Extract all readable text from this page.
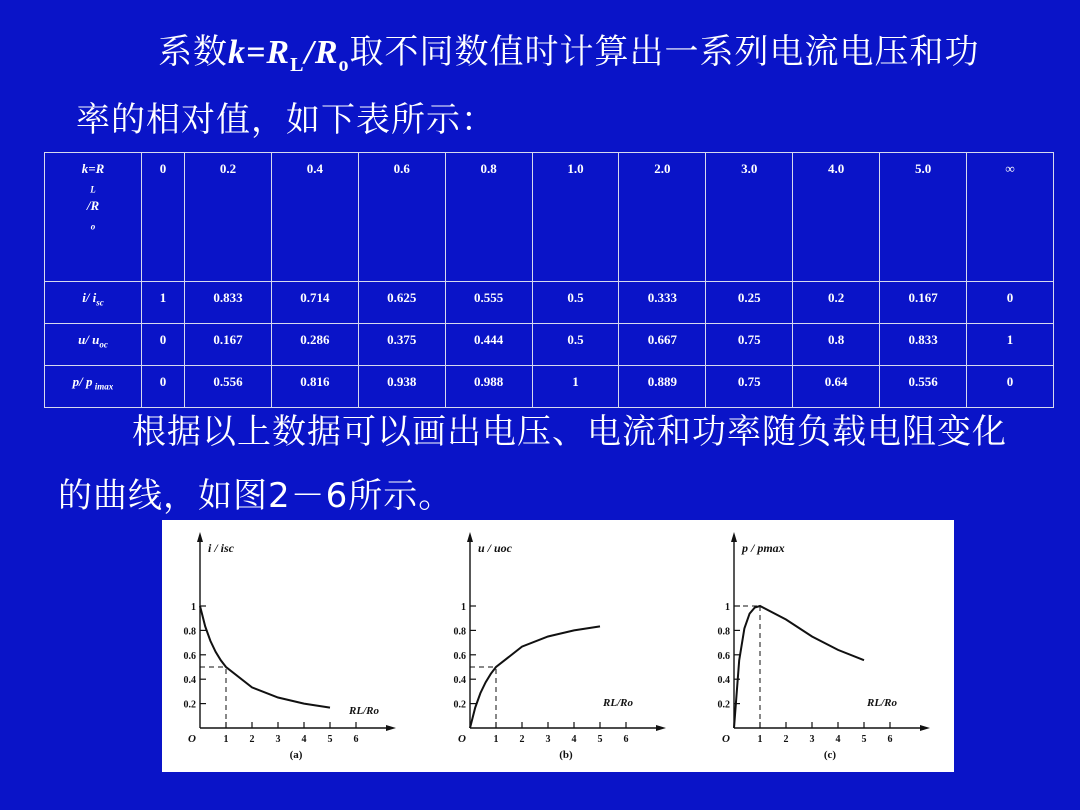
系数$k=R_L/R_o$取不同数值时计算出一系列电流电压和功
率的相对值，如下表所示：
k=R
$_L$
/R
$_o$	0	0.2	0.4	0.6	0.8	1.0	2.0	3.0	4.0	5.0	∞
i/ $i_{sc}$	1	0.833	0.714	0.625	0.555	0.5	0.333	0.25	0.2	0.167	0
u/ $u_{oc}$	0	0.167	0.286	0.375	0.444	0.5	0.667	0.75	0.8	0.833	1
p/ p $_{imax}$	0	0.556	0.816	0.938	0.988	1	0.889	0.75	0.64	0.556	0
根据以上数据可以画出电压、电流和功率随负载电阻变化
的曲线，如图2－6所示。
0.2
0.4
0.6
0.8
1
1 2 3 4 5 6
O
i / isc
RL/Ro
(a)
0.2
0.4
0.6
0.8
1
1 2 3 4 5 6
O
u / uoc
RL/Ro
(b)
0.2
0.4
0.6
0.8
1
1 2 3 4 5 6
O
p / pmax
RL/Ro
(c)
